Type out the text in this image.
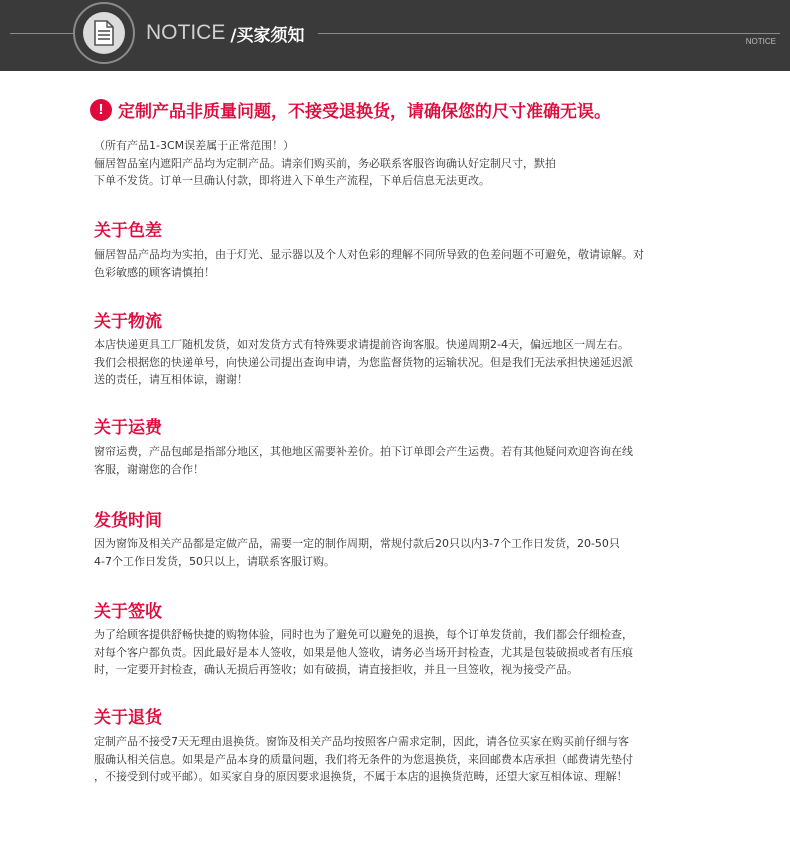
NOTICE /买家须知	NOTICE
! 定制产品非质量问题，不接受退换货，请确保您的尺寸准确无误。
（所有产品1-3CM误差属于正常范围！）
俪居智品室内遮阳产品均为定制产品。请亲们购买前，务必联系客服咨询确认好定制尺寸，默拍
下单不发货。订单一旦确认付款，即将进入下单生产流程，下单后信息无法更改。
关于色差
俪居智品产品均为实拍，由于灯光、显示器以及个人对色彩的理解不同所导致的色差问题不可避免，敬请谅解。对
色彩敏感的顾客请慎拍！
关于物流
本店快递更具工厂随机发货，如对发货方式有特殊要求请提前咨询客服。快递周期2-4天，偏远地区一周左右。
我们会根据您的快递单号，向快递公司提出查询申请，为您监督货物的运输状况。但是我们无法承担快递延迟派
送的责任，请互相体谅，谢谢！
关于运费
窗帘运费，产品包邮是指部分地区，其他地区需要补差价。拍下订单即会产生运费。若有其他疑问欢迎咨询在线
客服，谢谢您的合作！
发货时间
因为窗饰及相关产品都是定做产品，需要一定的制作周期，常规付款后20只以内3-7个工作日发货，20-50只
4-7个工作日发货，50只以上，请联系客服订购。
关于签收
为了给顾客提供舒畅快捷的购物体验，同时也为了避免可以避免的退换，每个订单发货前，我们都会仔细检查，
对每个客户都负责。因此最好是本人签收，如果是他人签收，请务必当场开封检查，尤其是包装破损或者有压痕
时，一定要开封检查，确认无损后再签收；如有破损，请直接拒收，并且一旦签收，视为接受产品。
关于退货
定制产品不接受7天无理由退换货。窗饰及相关产品均按照客户需求定制，因此，请各位买家在购买前仔细与客
服确认相关信息。如果是产品本身的质量问题，我们将无条件的为您退换货，来回邮费本店承担（邮费请先垫付
，不接受到付或平邮）。如买家自身的原因要求退换货，不属于本店的退换货范畴，还望大家互相体谅、理解！
